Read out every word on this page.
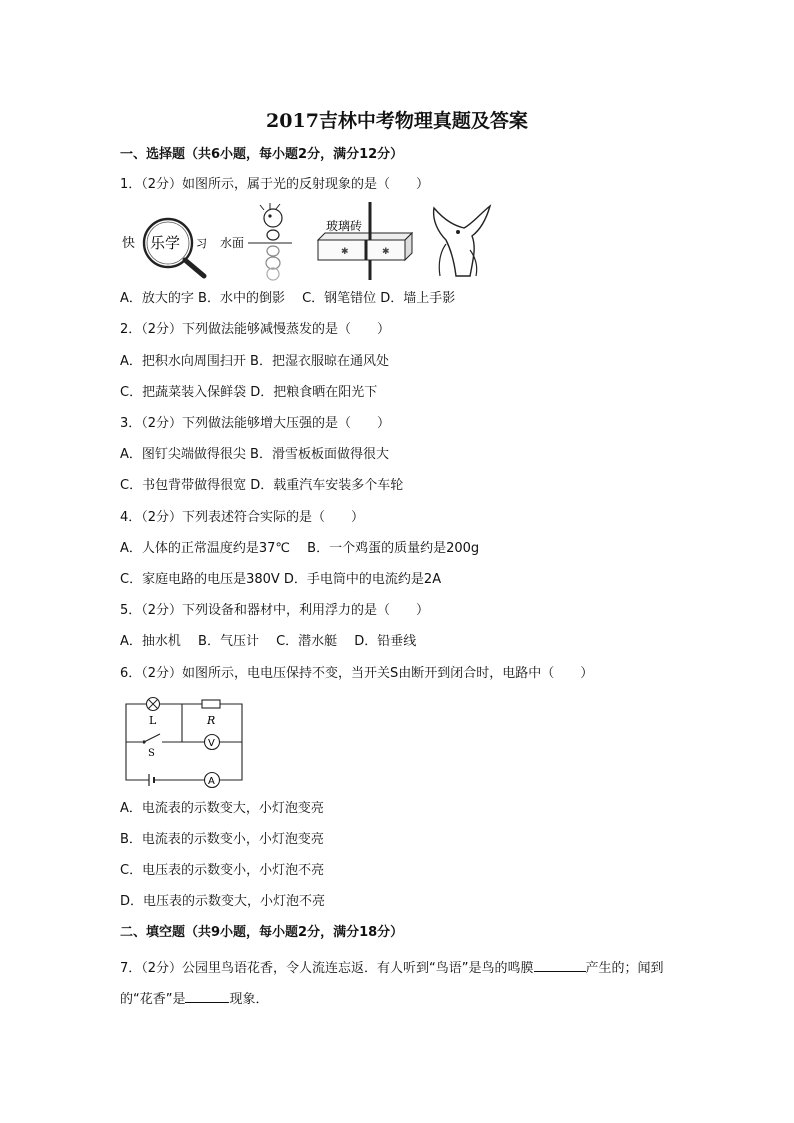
2017吉林中考物理真题及答案
一、选择题（共6小题，每小题2分，满分12分）
1．（2分）如图所示，属于光的反射现象的是（　　）
快 乐学 习 水面
玻璃砖
✱	✱
A．放大的字 B．水中的倒影　 C．钢笔错位 D．墙上手影
2．（2分）下列做法能够减慢蒸发的是（　　）
A．把积水向周围扫开 B．把湿衣服晾在通风处
C．把蔬菜装入保鲜袋 D．把粮食晒在阳光下
3．（2分）下列做法能够增大压强的是（　　）
A．图钉尖端做得很尖 B．滑雪板板面做得很大
C．书包背带做得很宽 D．载重汽车安装多个车轮
4．（2分）下列表述符合实际的是（　　）
A．人体的正常温度约是37℃　 B．一个鸡蛋的质量约是200g
C．家庭电路的电压是380V D．手电筒中的电流约是2A
5．（2分）下列设备和器材中，利用浮力的是（　　）
A．抽水机　 B．气压计　 C．潜水艇　 D．铅垂线
6．（2分）如图所示，电电压保持不变，当开关S由断开到闭合时，电路中（　　）
L	R
S
V
A
A．电流表的示数变大，小灯泡变亮
B．电流表的示数变小，小灯泡变亮
C．电压表的示数变小，小灯泡不亮
D．电压表的示数变大，小灯泡不亮
二、填空题（共9小题，每小题2分，满分18分）
7．（2分）公园里鸟语花香，令人流连忘返．有人听到“鸟语”是鸟的鸣膜	产生的；闻到
的“花香”是	现象．
